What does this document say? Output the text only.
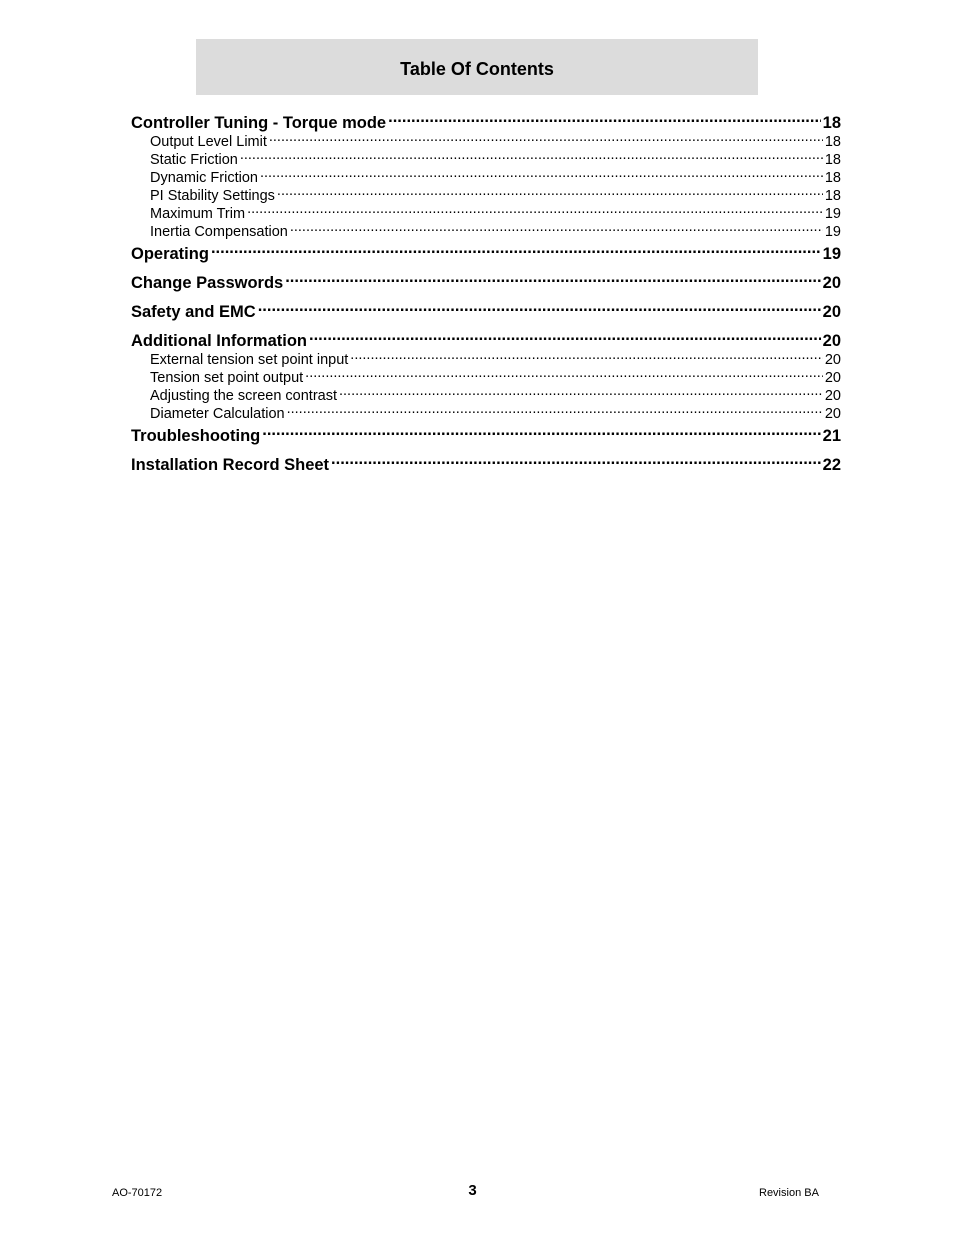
Table Of Contents
Controller Tuning - Torque mode .....	18
Output Level Limit .....	18
Static Friction .....	18
Dynamic Friction .....	18
PI Stability Settings .....	18
Maximum Trim .....	19
Inertia Compensation .....	19
Operating .....	19
Change Passwords .....	20
Safety and EMC .....	20
Additional Information .....	20
External tension set point input .....	20
Tension set point output .....	20
Adjusting the screen contrast .....	20
Diameter Calculation .....	20
Troubleshooting .....	21
Installation Record Sheet .....	22
AO-70172	3	Revision BA
